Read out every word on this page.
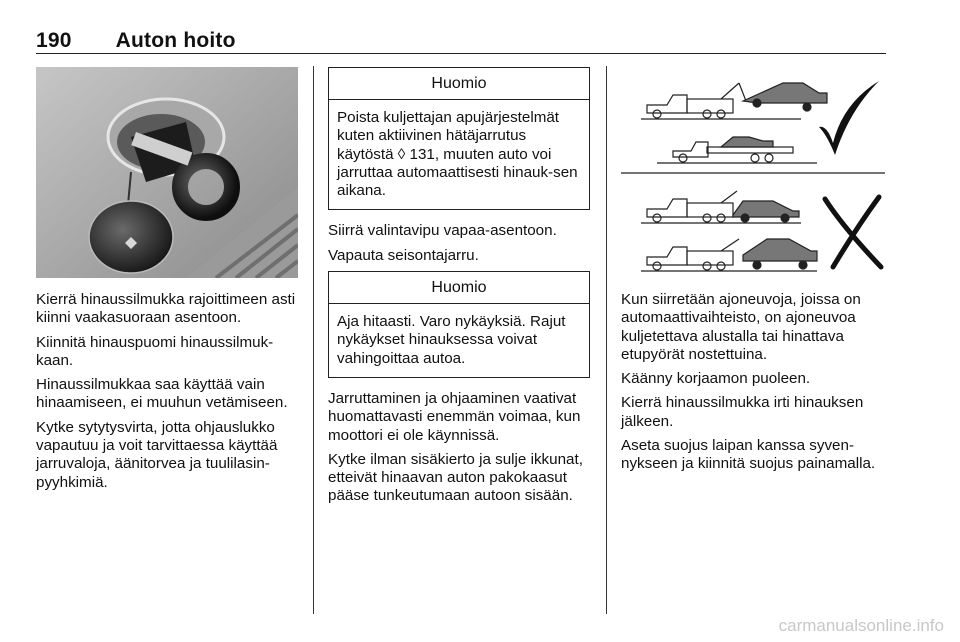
190 Auton hoito

Kierrä hinaussilmukka rajoittimeen asti kiinni vaakasuoraan asentoon.

Kiinnitä hinauspuomi hinaussilmuk-kaan.

Hinaussilmukkaa saa käyttää vain hinaamiseen, ei muuhun vetämiseen.

Kytke sytytysvirta, jotta ohjauslukko vapautuu ja voit tarvittaessa käyttää jarruvaloja, äänitorvea ja tuulilasin-pyyhkimiä.

Huomio
Poista kuljettajan apujärjestelmät kuten aktiivinen hätäjarrutus käytöstä ◊ 131, muuten auto voi jarruttaa automaattisesti hinauk-sen aikana.

Siirrä valintavipu vapaa-asentoon.

Vapauta seisontajarru.

Huomio
Aja hitaasti. Varo nykäyksiä. Rajut nykäykset hinauksessa voivat vahingoittaa autoa.

Jarruttaminen ja ohjaaminen vaativat huomattavasti enemmän voimaa, kun moottori ei ole käynnissä.

Kytke ilman sisäkierto ja sulje ikkunat, etteivät hinaavan auton pakokaasut pääse tunkeutumaan autoon sisään.

Kun siirretään ajoneuvoja, joissa on automaattivaihteisto, on ajoneuvoa kuljetettava alustalla tai hinattava etupyörät nostettuina.

Käänny korjaamon puoleen.

Kierrä hinaussilmukka irti hinauksen jälkeen.

Aseta suojus laipan kanssa syven-nykseen ja kiinnitä suojus painamalla.

carmanualsonline.info
